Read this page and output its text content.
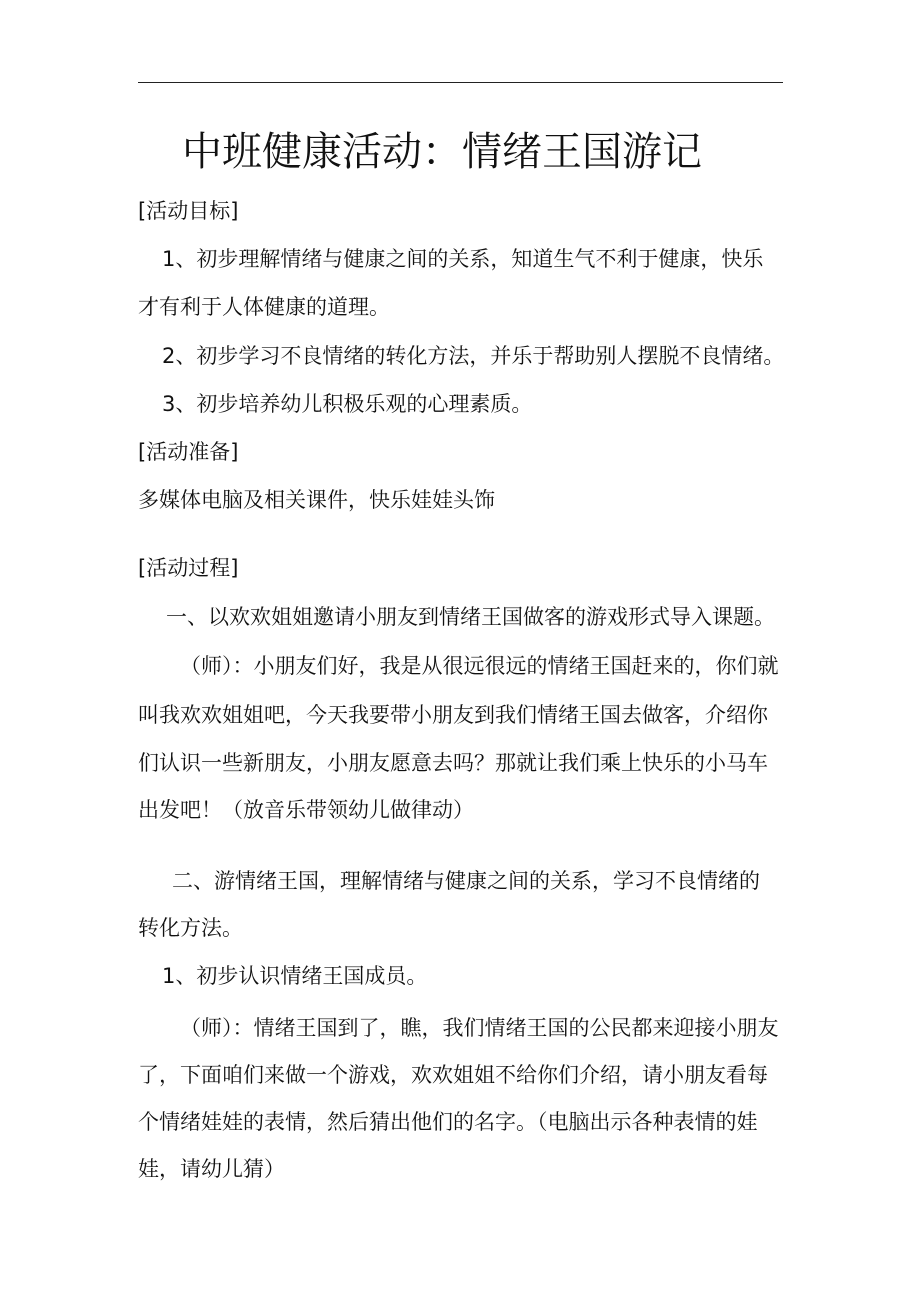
中班健康活动：情绪王国游记
[活动目标]
1、初步理解情绪与健康之间的关系，知道生气不利于健康，快乐
才有利于人体健康的道理。
2、初步学习不良情绪的转化方法，并乐于帮助别人摆脱不良情绪。
3、初步培养幼儿积极乐观的心理素质。
[活动准备]
多媒体电脑及相关课件，快乐娃娃头饰
[活动过程]
一、以欢欢姐姐邀请小朋友到情绪王国做客的游戏形式导入课题。
（师）：小朋友们好，我是从很远很远的情绪王国赶来的，你们就
叫我欢欢姐姐吧，今天我要带小朋友到我们情绪王国去做客，介绍你
们认识一些新朋友，小朋友愿意去吗？那就让我们乘上快乐的小马车
出发吧！（放音乐带领幼儿做律动）
二、游情绪王国，理解情绪与健康之间的关系，学习不良情绪的
转化方法。
1、初步认识情绪王国成员。
（师）：情绪王国到了，瞧，我们情绪王国的公民都来迎接小朋友
了，下面咱们来做一个游戏，欢欢姐姐不给你们介绍，请小朋友看每
个情绪娃娃的表情，然后猜出他们的名字。（电脑出示各种表情的娃
娃，请幼儿猜）
